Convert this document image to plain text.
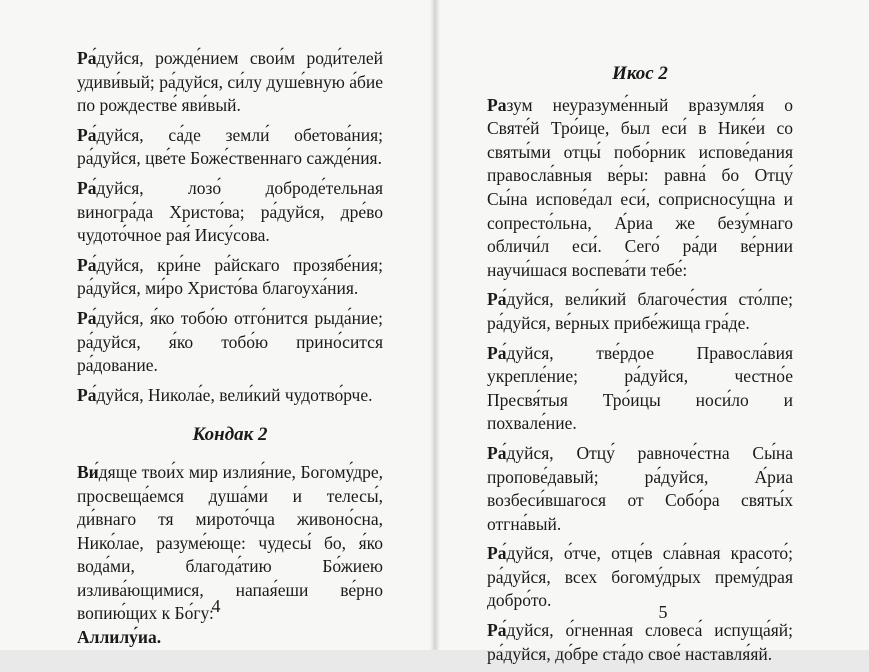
Ра́дуйся, рожде́нием свои́м роди́телей удиви́вый; ра́дуйся, си́лу душе́вную а́бие по рождестве́ яви́вый.

Ра́дуйся, са́де земли́ обетова́ния; ра́дуйся, цве́те Боже́ственнаго сажде́ния.

Ра́дуйся, лозо́ доброде́тельная виногра́да Христо́ва; ра́дуйся, дре́во чудото́чное рая́ Иису́сова.

Ра́дуйся, кри́не ра́йскаго прозябе́ния; ра́дуйся, ми́ро Христо́ва благоуха́ния.

Ра́дуйся, я́ко тобо́ю отго́нится рыда́ние; ра́дуйся, я́ко тобо́ю прино́сится ра́дование.

Ра́дуйся, Никола́е, вели́кий чудотво́рче.

Кондак 2

Ви́дяще твои́х мир излия́ние, Богому́дре, просвеща́емся душа́ми и телесы́, ди́внаго тя мирото́чца живоно́сна, Нико́лае, разуме́юще: чудесы́ бо, я́ко вода́ми, благода́тию Бо́жиею излива́ющимися, напая́еши ве́рно вопию́щих к Бо́гу:
Аллилу́иа.

4
Икос 2

Разум неуразуме́нный вразумля́я о Святе́й Тро́ице, был еси́ в Нике́и со святы́ми отцы́ побо́рник испове́дания правосла́вныя ве́ры: равна́ бо Отцу́ Сы́на испове́дал еси́, соприсносу́щна и сопресто́льна, А́риа же безу́мнаго обличи́л еси́. Сего́ ра́ди ве́рнии научи́шася воспева́ти тебе́:

Ра́дуйся, вели́кий благоче́стия сто́лпе; ра́дуйся, ве́рных прибе́жища гра́де.

Ра́дуйся, тве́рдое Правосла́вия укрепле́ние; ра́дуйся, честно́е Пресвя́тыя Тро́ицы носи́ло и похвале́ние.

Ра́дуйся, Отцу́ равноче́стна Сы́на пропове́давый; ра́дуйся, А́риа возбеси́вшагося от Собо́ра святы́х отгна́вый.

Ра́дуйся, о́тче, отце́в сла́вная красото́; ра́дуйся, всех богому́дрых прему́драя добро́то.

Ра́дуйся, о́гненная словеса́ испуща́яй; ра́дуйся, до́бре ста́до свое́ наставля́яй.

5
